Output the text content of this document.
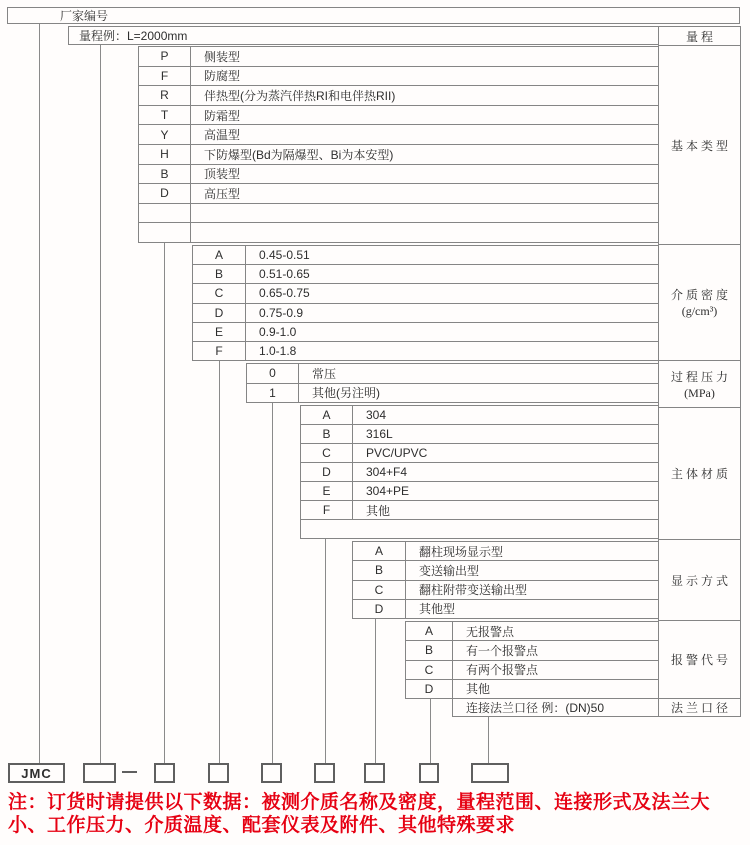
厂家编号
量程例：L=2000mm	量程
基本类型
介质密度
(g/cm³)
过程压力
(MPa)
主体材质
显示方式
报警代号
法兰口径
P	侧装型
F	防腐型
R	伴热型(分为蒸汽伴热RI和电伴热RII)
T	防霜型
Y	高温型
H	下防爆型(Bd为隔爆型、Bi为本安型)
B	顶装型
D	高压型
A	0.45-0.51
B	0.51-0.65
C	0.65-0.75
D	0.75-0.9
E	0.9-1.0
F	1.0-1.8
0	常压
1	其他(另注明)
A	304
B	316L
C	PVC/UPVC
D	304+F4
E	304+PE
F	其他
A	翻柱现场显示型
B	变送输出型
C	翻柱附带变送输出型
D	其他型
A	无报警点
B	有一个报警点
C	有两个报警点
D	其他
连接法兰口径 例：(DN)50
JMC
注：订货时请提供以下数据：被测介质名称及密度，量程范围、连接形式及法兰大小、工作压力、介质温度、配套仪表及附件、其他特殊要求
